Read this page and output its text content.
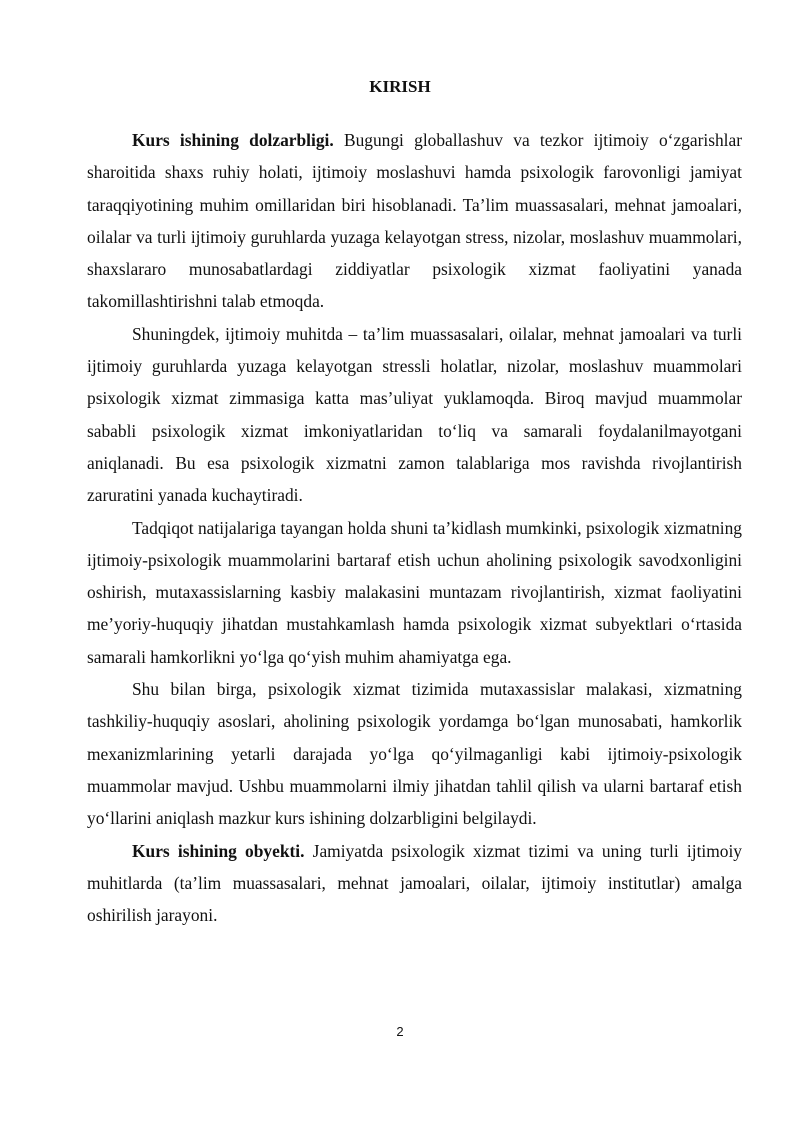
KIRISH

Kurs ishining dolzarbligi. Bugungi globallashuv va tezkor ijtimoiy o‘zgarishlar sharoitida shaxs ruhiy holati, ijtimoiy moslashuvi hamda psixologik farovonligi jamiyat taraqqiyotining muhim omillaridan biri hisoblanadi. Ta’lim muassasalari, mehnat jamoalari, oilalar va turli ijtimoiy guruhlarda yuzaga kelayotgan stress, nizolar, moslashuv muammolari, shaxslararo munosabatlardagi ziddiyatlar psixologik xizmat faoliyatini yanada takomillashtirishni talab etmoqda.

Shuningdek, ijtimoiy muhitda – ta’lim muassasalari, oilalar, mehnat jamoalari va turli ijtimoiy guruhlarda yuzaga kelayotgan stressli holatlar, nizolar, moslashuv muammolari psixologik xizmat zimmasiga katta mas’uliyat yuklamoqda. Biroq mavjud muammolar sababli psixologik xizmat imkoniyatlaridan to‘liq va samarali foydalanilmayotgani aniqlanadi. Bu esa psixologik xizmatni zamon talablariga mos ravishda rivojlantirish zaruratini yanada kuchaytiradi.

Tadqiqot natijalariga tayangan holda shuni ta’kidlash mumkinki, psixologik xizmatning ijtimoiy-psixologik muammolarini bartaraf etish uchun aholining psixologik savodxonligini oshirish, mutaxassislarning kasbiy malakasini muntazam rivojlantirish, xizmat faoliyatini me’yoriy-huquqiy jihatdan mustahkamlash hamda psixologik xizmat subyektlari o‘rtasida samarali hamkorlikni yo‘lga qo‘yish muhim ahamiyatga ega.

Shu bilan birga, psixologik xizmat tizimida mutaxassislar malakasi, xizmatning tashkiliy-huquqiy asoslari, aholining psixologik yordamga bo‘lgan munosabati, hamkorlik mexanizmlarining yetarli darajada yo‘lga qo‘yilmaganligi kabi ijtimoiy-psixologik muammolar mavjud. Ushbu muammolarni ilmiy jihatdan tahlil qilish va ularni bartaraf etish yo‘llarini aniqlash mazkur kurs ishining dolzarbligini belgilaydi.

Kurs ishining obyekti. Jamiyatda psixologik xizmat tizimi va uning turli ijtimoiy muhitlarda (ta’lim muassasalari, mehnat jamoalari, oilalar, ijtimoiy institutlar) amalga oshirilish jarayoni.

2
